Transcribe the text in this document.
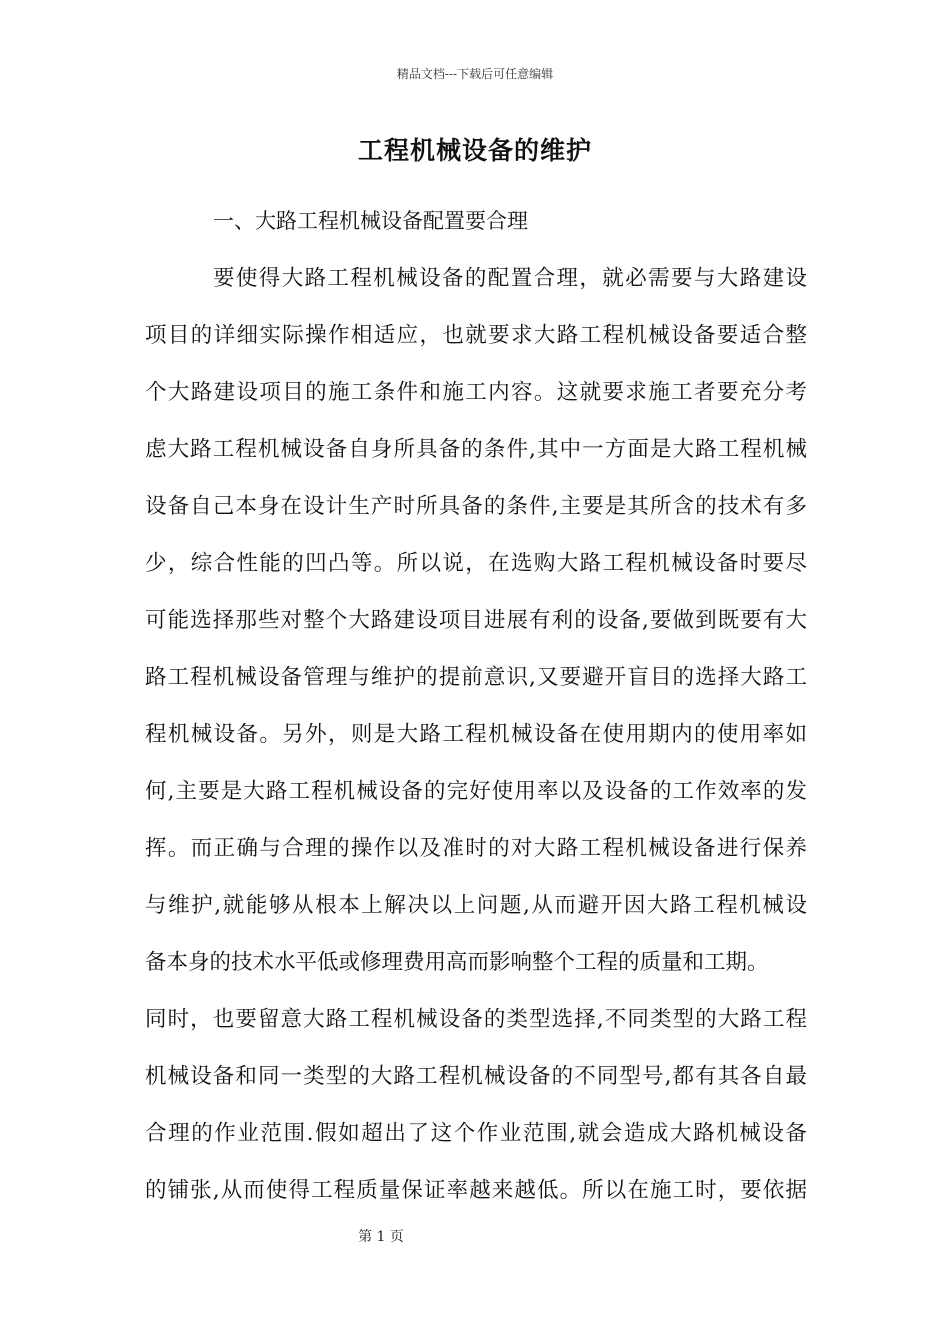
精品文档---下载后可任意编辑
工程机械设备的维护

一、大路工程机械设备配置要合理

要使得大路工程机械设备的配置合理，就必需要与大路建设
项目的详细实际操作相适应，也就要求大路工程机械设备要适合整
个大路建设项目的施工条件和施工内容。这就要求施工者要充分考
虑大路工程机械设备自身所具备的条件,其中一方面是大路工程机械
设备自己本身在设计生产时所具备的条件,主要是其所含的技术有多
少，综合性能的凹凸等。所以说，在选购大路工程机械设备时要尽
可能选择那些对整个大路建设项目进展有利的设备,要做到既要有大
路工程机械设备管理与维护的提前意识,又要避开盲目的选择大路工
程机械设备。另外，则是大路工程机械设备在使用期内的使用率如
何,主要是大路工程机械设备的完好使用率以及设备的工作效率的发
挥。而正确与合理的操作以及准时的对大路工程机械设备进行保养
与维护,就能够从根本上解决以上问题,从而避开因大路工程机械设
备本身的技术水平低或修理费用高而影响整个工程的质量和工期。
同时，也要留意大路工程机械设备的类型选择,不同类型的大路工程
机械设备和同一类型的大路工程机械设备的不同型号,都有其各自最
合理的作业范围.假如超出了这个作业范围,就会造成大路机械设备
的铺张,从而使得工程质量保证率越来越低。所以在施工时，要依据
第 1 页
